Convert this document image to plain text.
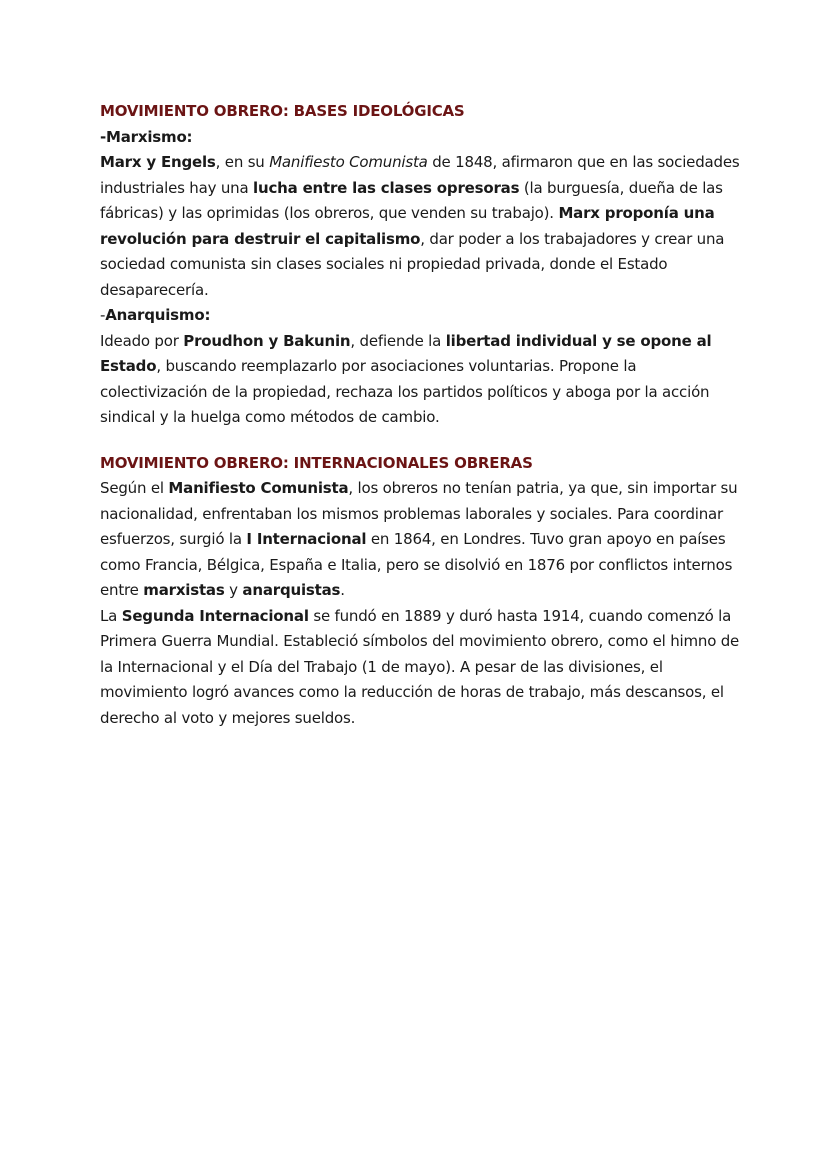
MOVIMIENTO OBRERO: BASES IDEOLÓGICAS

-Marxismo:

Marx y Engels, en su Manifiesto Comunista de 1848, afirmaron que en las sociedades industriales hay una lucha entre las clases opresoras (la burguesía, dueña de las fábricas) y las oprimidas (los obreros, que venden su trabajo). Marx proponía una revolución para destruir el capitalismo, dar poder a los trabajadores y crear una sociedad comunista sin clases sociales ni propiedad privada, donde el Estado desaparecería.

-Anarquismo:

Ideado por Proudhon y Bakunin, defiende la libertad individual y se opone al Estado, buscando reemplazarlo por asociaciones voluntarias. Propone la colectivización de la propiedad, rechaza los partidos políticos y aboga por la acción sindical y la huelga como métodos de cambio.

MOVIMIENTO OBRERO: INTERNACIONALES OBRERAS

Según el Manifiesto Comunista, los obreros no tenían patria, ya que, sin importar su nacionalidad, enfrentaban los mismos problemas laborales y sociales. Para coordinar esfuerzos, surgió la I Internacional en 1864, en Londres. Tuvo gran apoyo en países como Francia, Bélgica, España e Italia, pero se disolvió en 1876 por conflictos internos entre marxistas y anarquistas.

La Segunda Internacional se fundó en 1889 y duró hasta 1914, cuando comenzó la Primera Guerra Mundial. Estableció símbolos del movimiento obrero, como el himno de la Internacional y el Día del Trabajo (1 de mayo). A pesar de las divisiones, el movimiento logró avances como la reducción de horas de trabajo, más descansos, el derecho al voto y mejores sueldos.
